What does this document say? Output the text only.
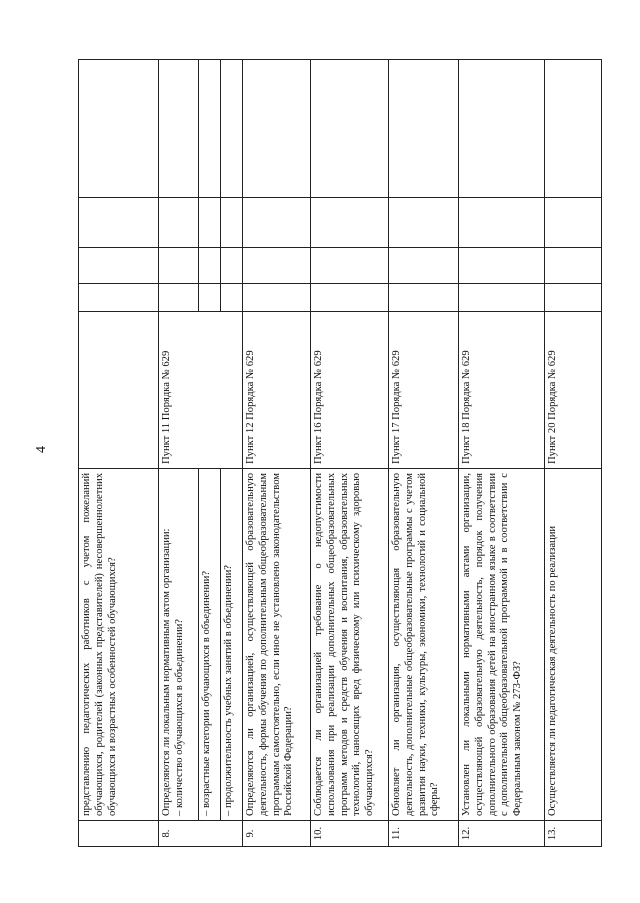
4
	представлению педагогических работников с учетом пожеланий обучающихся, родителей (законных представителей) несовершеннолетних обучающихся и возрастных особенностей обучающихся?					
8.	Определяются ли локальным нормативным актом организации: – количество обучающихся в объединении?	Пункт 11 Порядка № 629				
	– возрастные категории обучающихся в объединении?					
	– продолжительность учебных занятий в объединении?					
9.	Определяются ли организацией, осуществляющей образовательную деятельность, формы обучения по дополнительным общеобразовательным программам самостоятельно, если иное не установлено законодательством Российской Федерации?	Пункт 12 Порядка № 629				
10.	Соблюдается ли организацией требование о недопустимости использования при реализации дополнительных общеобразовательных программ методов и средств обучения и воспитания, образовательных технологий, наносящих вред физическому или психическому здоровью обучающихся?	Пункт 16 Порядка № 629				
11.	Обновляет ли организация, осуществляющая образовательную деятельность, дополнительные общеобразовательные программы с учетом развития науки, техники, культуры, экономики, технологий и социальной сферы?	Пункт 17 Порядка № 629				
12.	Установлен ли локальными нормативными актами организации, осуществляющей образовательную деятельность, порядок получения дополнительного образования детей на иностранном языке в соответствии с дополнительной общеобразовательной программой и в соответствии с Федеральным законом № 273-ФЗ?	Пункт 18 Порядка № 629				
13.	Осуществляется ли педагогическая деятельность по реализации	Пункт 20 Порядка № 629				
